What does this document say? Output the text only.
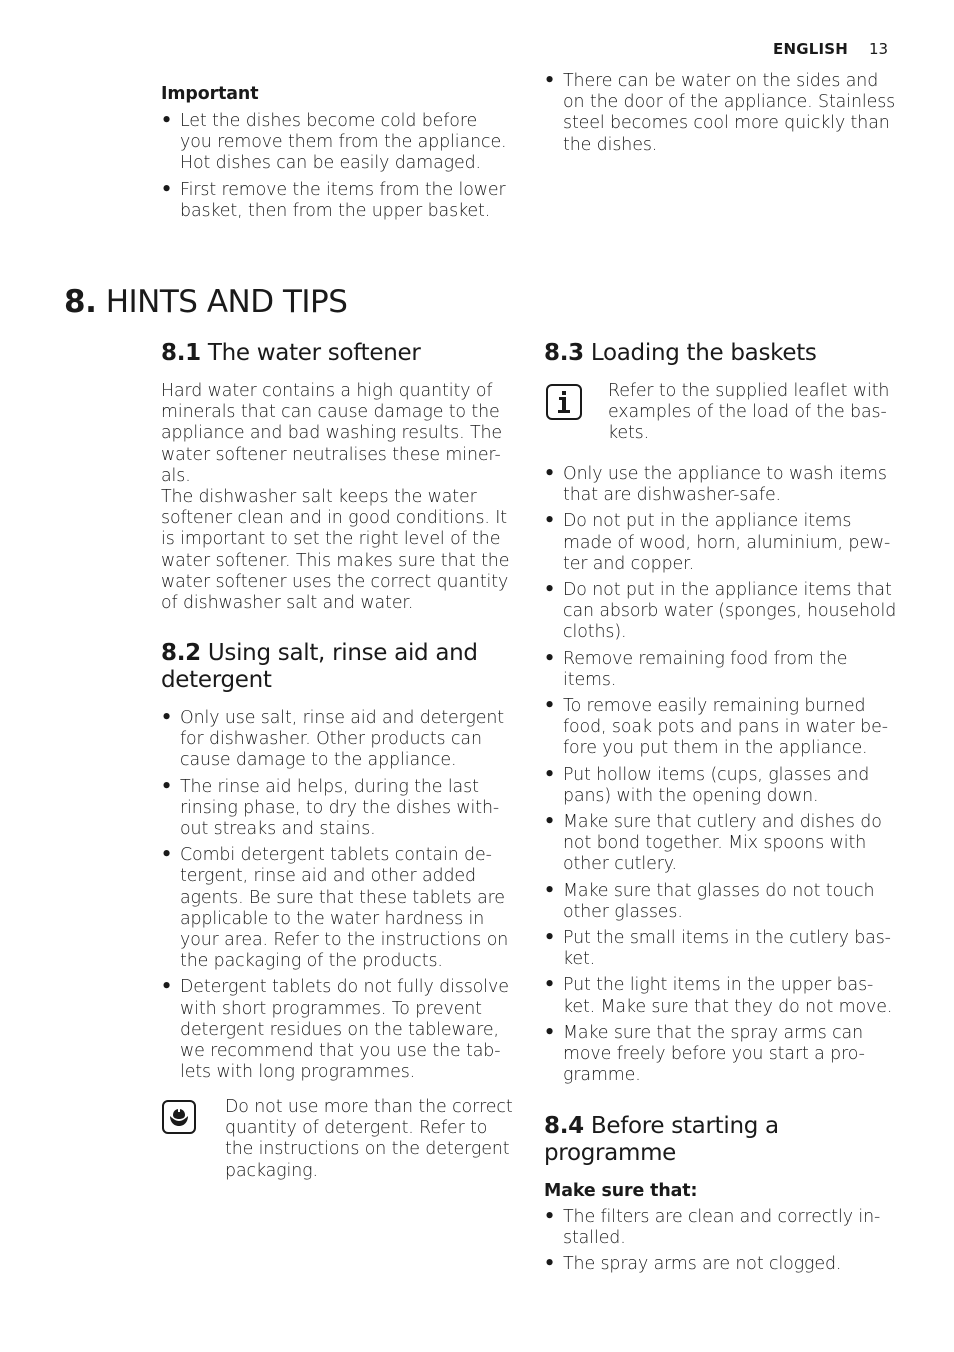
ENGLISH 13
Important
• Let the dishes become cold before you remove them from the appliance. Hot dishes can be easily damaged.
• First remove the items from the lower basket, then from the upper basket.
• There can be water on the sides and on the door of the appliance. Stainless steel becomes cool more quickly than the dishes.
8. HINTS AND TIPS
8.1 The water softener

Hard water contains a high quantity of minerals that can cause damage to the appliance and bad washing results. The water softener neutralises these miner-als.

The dishwasher salt keeps the water softener clean and in good conditions. It is important to set the right level of the water softener. This makes sure that the water softener uses the correct quantity of dishwasher salt and water.

8.2 Using salt, rinse aid and detergent
• Only use salt, rinse aid and detergent for dishwasher. Other products can cause damage to the appliance.
• The rinse aid helps, during the last rinsing phase, to dry the dishes with-out streaks and stains.
• Combi detergent tablets contain de-tergent, rinse aid and other added agents. Be sure that these tablets are applicable to the water hardness in your area. Refer to the instructions on the packaging of the products.
• Detergent tablets do not fully dissolve with short programmes. To prevent detergent residues on the tableware, we recommend that you use the tab-lets with long programmes.
Do not use more than the correct quantity of detergent. Refer to the instructions on the detergent packaging.
8.3 Loading the baskets
Refer to the supplied leaflet with examples of the load of the bas-kets.
• Only use the appliance to wash items that are dishwasher-safe.
• Do not put in the appliance items made of wood, horn, aluminium, pew-ter and copper.
• Do not put in the appliance items that can absorb water (sponges, household cloths).
• Remove remaining food from the items.
• To remove easily remaining burned food, soak pots and pans in water be-fore you put them in the appliance.
• Put hollow items (cups, glasses and pans) with the opening down.
• Make sure that cutlery and dishes do not bond together. Mix spoons with other cutlery.
• Make sure that glasses do not touch other glasses.
• Put the small items in the cutlery bas-ket.
• Put the light items in the upper bas-ket. Make sure that they do not move.
• Make sure that the spray arms can move freely before you start a pro-gramme.
8.4 Before starting a programme
Make sure that:
• The filters are clean and correctly in-stalled.
• The spray arms are not clogged.
